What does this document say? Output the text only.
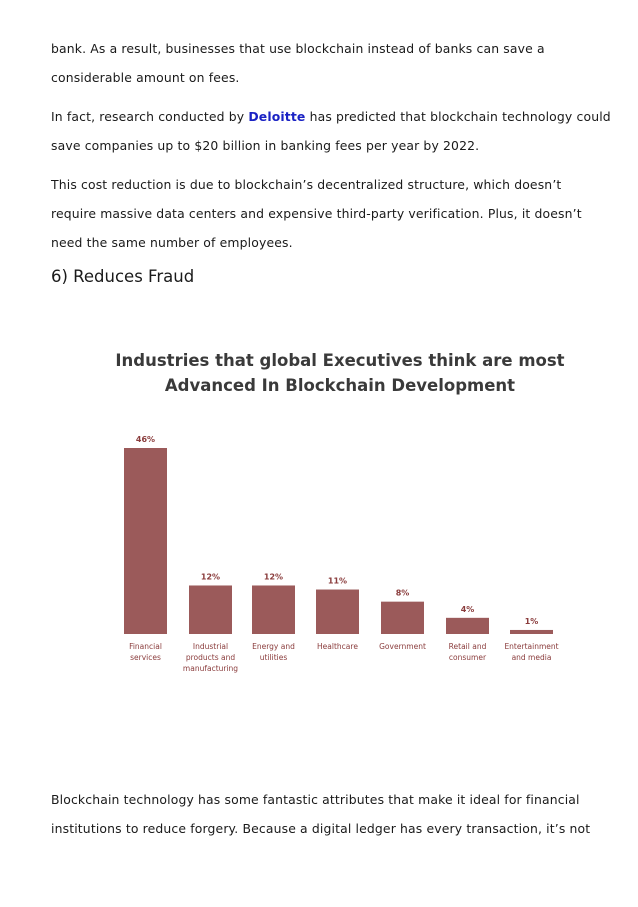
bank. As a result, businesses that use blockchain instead of banks can save a
considerable amount on fees.

In fact, research conducted by Deloitte has predicted that blockchain technology could
save companies up to $20 billion in banking fees per year by 2022.

This cost reduction is due to blockchain’s decentralized structure, which doesn’t
require massive data centers and expensive third-party verification. Plus, it doesn’t
need the same number of employees.

6) Reduces Fraud
Industries that global Executives think are most
Advanced In Blockchain Development
46%
Financial
services
12%
Industrial
products and
manufacturing
12%
Energy and
utilities
11%
Healthcare
8%
Government
4%
Retail and
consumer
1%
Entertainment
and media

Blockchain technology has some fantastic attributes that make it ideal for financial
institutions to reduce forgery. Because a digital ledger has every transaction, it’s not
